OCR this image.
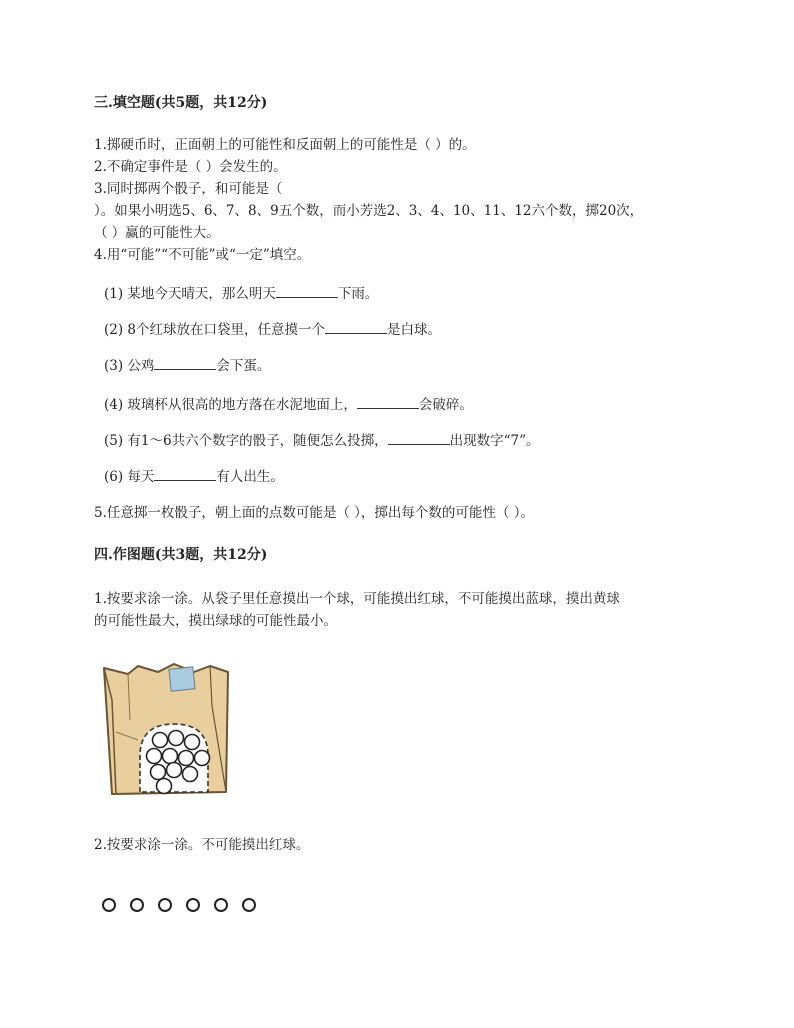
三.填空题(共5题，共12分)
1.掷硬币时，正面朝上的可能性和反面朝上的可能性是（ ）的。
2.不确定事件是（ ）会发生的。
3.同时掷两个骰子，和可能是（
）。如果小明选5、6、7、8、9五个数，而小芳选2、3、4、10、11、12六个数，掷20次，
（ ）赢的可能性大。
4.用“可能”“不可能”或“一定”填空。
(1) 某地今天晴天，那么明天	下雨。
(2) 8个红球放在口袋里，任意摸一个	是白球。
(3) 公鸡	会下蛋。
(4) 玻璃杯从很高的地方落在水泥地面上，	会破碎。
(5) 有1～6共六个数字的骰子，随便怎么投掷，	出现数字“7”。
(6) 每天	有人出生。
5.任意掷一枚骰子，朝上面的点数可能是（ ），掷出每个数的可能性（ ）。
四.作图题(共3题，共12分)
1.按要求涂一涂。从袋子里任意摸出一个球，可能摸出红球，不可能摸出蓝球，摸出黄球
的可能性最大，摸出绿球的可能性最小。
2.按要求涂一涂。不可能摸出红球。
